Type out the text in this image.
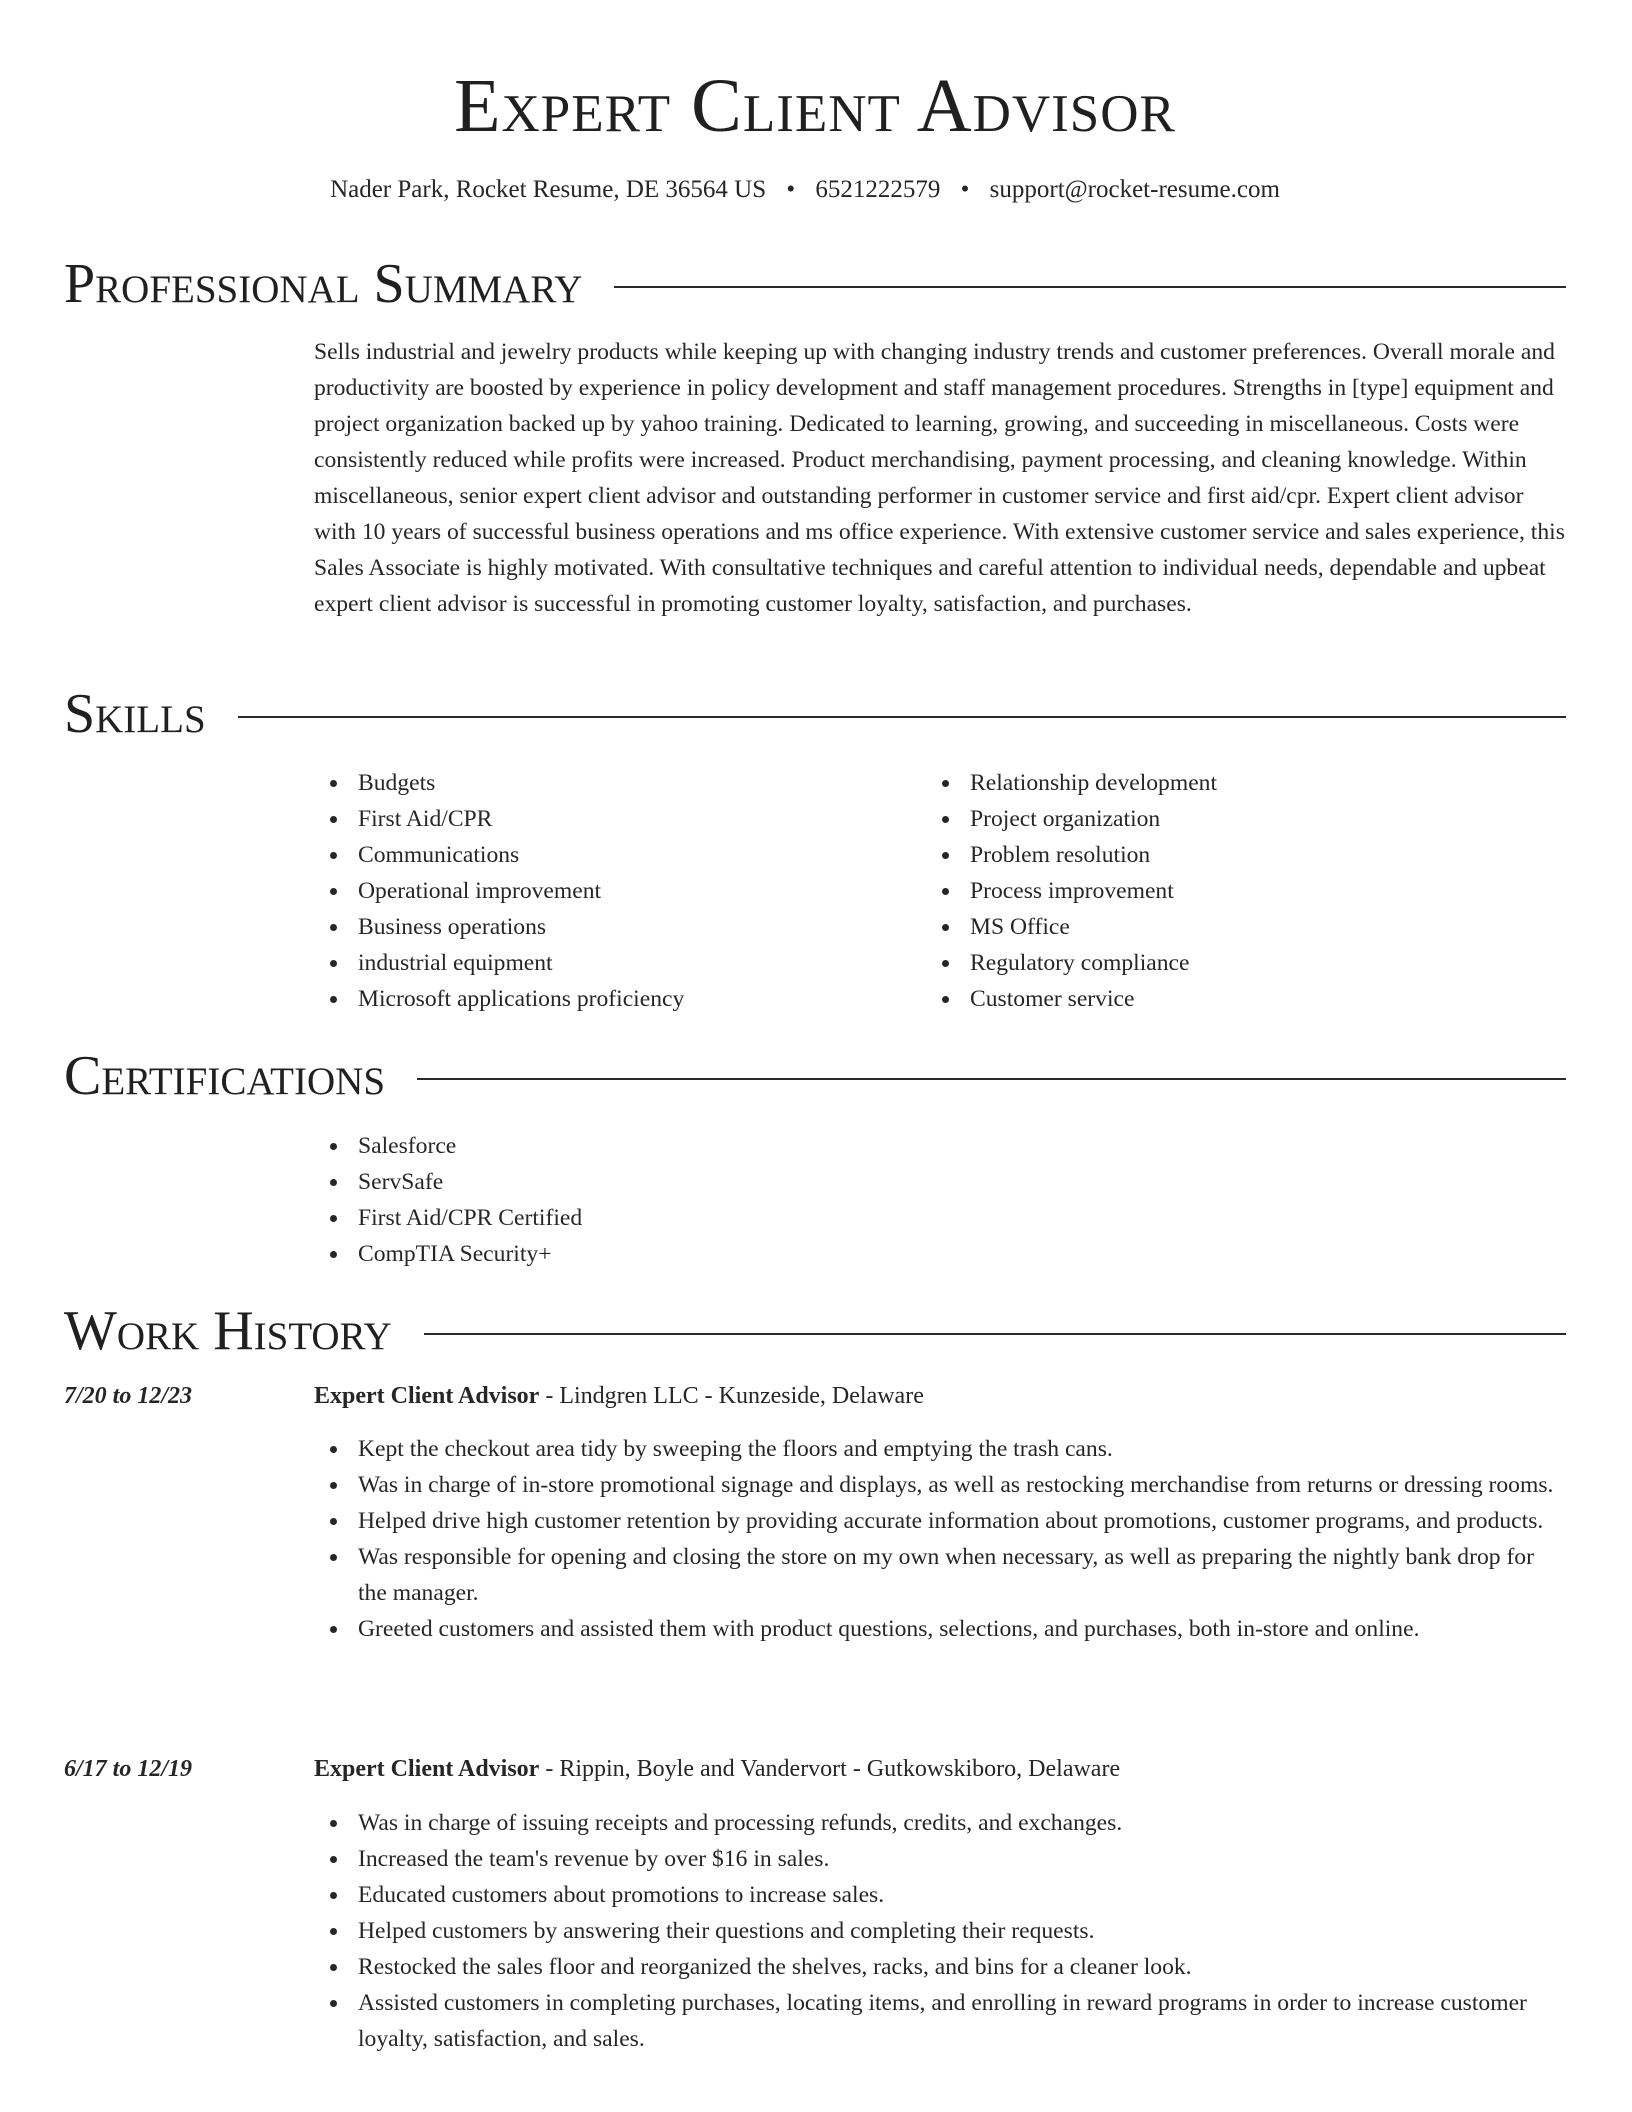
Expert Client Advisor
Nader Park, Rocket Resume, DE 36564 US • 6521222579 • support@rocket-resume.com
Professional Summary

Sells industrial and jewelry products while keeping up with changing industry trends and customer preferences. Overall morale and productivity are boosted by experience in policy development and staff management procedures. Strengths in [type] equipment and project organization backed up by yahoo training. Dedicated to learning, growing, and succeeding in miscellaneous. Costs were consistently reduced while profits were increased. Product merchandising, payment processing, and cleaning knowledge. Within miscellaneous, senior expert client advisor and outstanding performer in customer service and first aid/cpr. Expert client advisor with 10 years of successful business operations and ms office experience. With extensive customer service and sales experience, this Sales Associate is highly motivated. With consultative techniques and careful attention to individual needs, dependable and upbeat expert client advisor is successful in promoting customer loyalty, satisfaction, and purchases.

Skills
Budgets
First Aid/CPR
Communications
Operational improvement
Business operations
industrial equipment
Microsoft applications proficiency
Relationship development
Project organization
Problem resolution
Process improvement
MS Office
Regulatory compliance
Customer service
Certifications
Salesforce
ServSafe
First Aid/CPR Certified
CompTIA Security+
Work History
7/20 to 12/23	Expert Client Advisor - Lindgren LLC - Kunzeside, Delaware
Kept the checkout area tidy by sweeping the floors and emptying the trash cans.
Was in charge of in-store promotional signage and displays, as well as restocking merchandise from returns or dressing rooms.
Helped drive high customer retention by providing accurate information about promotions, customer programs, and products.
Was responsible for opening and closing the store on my own when necessary, as well as preparing the nightly bank drop for the manager.
Greeted customers and assisted them with product questions, selections, and purchases, both in-store and online.
6/17 to 12/19	Expert Client Advisor - Rippin, Boyle and Vandervort - Gutkowskiboro, Delaware
Was in charge of issuing receipts and processing refunds, credits, and exchanges.
Increased the team's revenue by over $16 in sales.
Educated customers about promotions to increase sales.
Helped customers by answering their questions and completing their requests.
Restocked the sales floor and reorganized the shelves, racks, and bins for a cleaner look.
Assisted customers in completing purchases, locating items, and enrolling in reward programs in order to increase customer loyalty, satisfaction, and sales.
